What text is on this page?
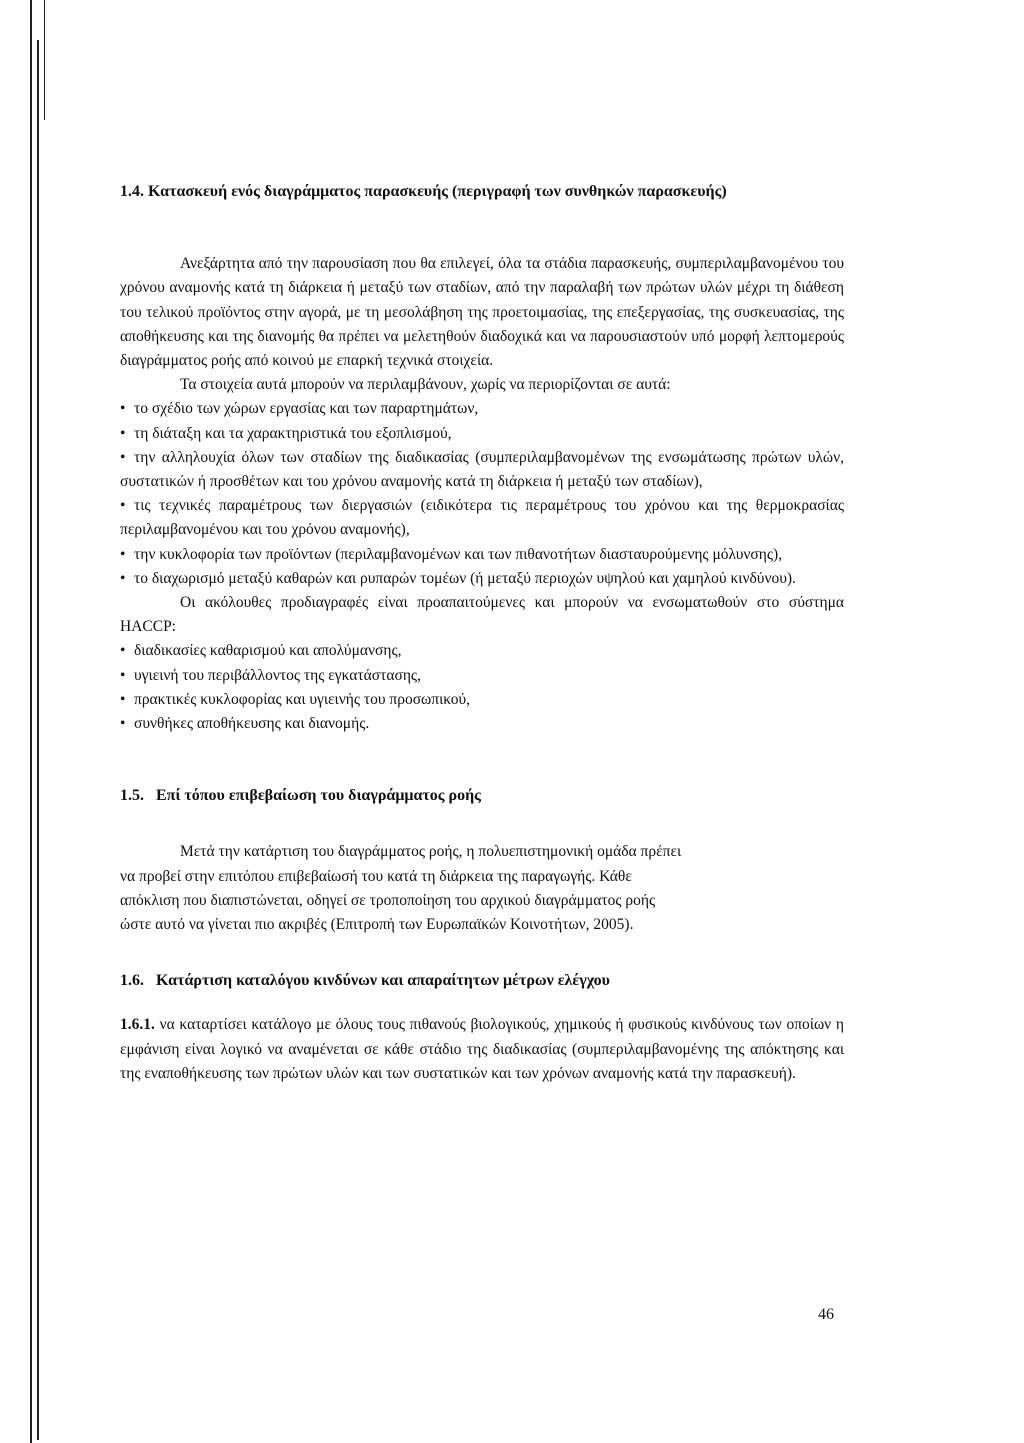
1.4. Κατασκευή ενός διαγράμματος παρασκευής (περιγραφή των συνθηκών παρασκευής)

Ανεξάρτητα από την παρουσίαση που θα επιλεγεί, όλα τα στάδια παρασκευής, συμπεριλαμβανομένου του χρόνου αναμονής κατά τη διάρκεια ή μεταξύ των σταδίων, από την παραλαβή των πρώτων υλών μέχρι τη διάθεση του τελικού προϊόντος στην αγορά, με τη μεσολάβηση της προετοιμασίας, της επεξεργασίας, της συσκευασίας, της αποθήκευσης και της διανομής θα πρέπει να μελετηθούν διαδοχικά και να παρουσιαστούν υπό μορφή λεπτομερούς διαγράμματος ροής από κοινού με επαρκή τεχνικά στοιχεία.

Τα στοιχεία αυτά μπορούν να περιλαμβάνουν, χωρίς να περιορίζονται σε αυτά:

• το σχέδιο των χώρων εργασίας και των παραρτημάτων,

• τη διάταξη και τα χαρακτηριστικά του εξοπλισμού,

• την αλληλουχία όλων των σταδίων της διαδικασίας (συμπεριλαμβανομένων της ενσωμάτωσης πρώτων υλών, συστατικών ή προσθέτων και του χρόνου αναμονής κατά τη διάρκεια ή μεταξύ των σταδίων),

• τις τεχνικές παραμέτρους των διεργασιών (ειδικότερα τις περαμέτρους του χρόνου και της θερμοκρασίας περιλαμβανομένου και του χρόνου αναμονής),

• την κυκλοφορία των προϊόντων (περιλαμβανομένων και των πιθανοτήτων διασταυρούμενης μόλυνσης),

• το διαχωρισμό μεταξύ καθαρών και ρυπαρών τομέων (ή μεταξύ περιοχών υψηλού και χαμηλού κινδύνου).

Οι ακόλουθες προδιαγραφές είναι προαπαιτούμενες και μπορούν να ενσωματωθούν στο σύστημα HACCP:

• διαδικασίες καθαρισμού και απολύμανσης,

• υγιεινή του περιβάλλοντος της εγκατάστασης,

• πρακτικές κυκλοφορίας και υγιεινής του προσωπικού,

• συνθήκες αποθήκευσης και διανομής.

1.5. Επί τόπου επιβεβαίωση του διαγράμματος ροής

Μετά την κατάρτιση του διαγράμματος ροής, η πολυεπιστημονική ομάδα πρέπει

να προβεί στην επιτόπου επιβεβαίωσή του κατά τη διάρκεια της παραγωγής. Κάθε

απόκλιση που διαπιστώνεται, οδηγεί σε τροποποίηση του αρχικού διαγράμματος ροής

ώστε αυτό να γίνεται πιο ακριβές (Επιτροπή των Ευρωπαϊκών Κοινοτήτων, 2005).

1.6. Κατάρτιση καταλόγου κινδύνων και απαραίτητων μέτρων ελέγχου

1.6.1. να καταρτίσει κατάλογο με όλους τους πιθανούς βιολογικούς, χημικούς ή φυσικούς κινδύνους των οποίων η εμφάνιση είναι λογικό να αναμένεται σε κάθε στάδιο της διαδικασίας (συμπεριλαμβανομένης της απόκτησης και της εναποθήκευσης των πρώτων υλών και των συστατικών και των χρόνων αναμονής κατά την παρασκευή).

46
